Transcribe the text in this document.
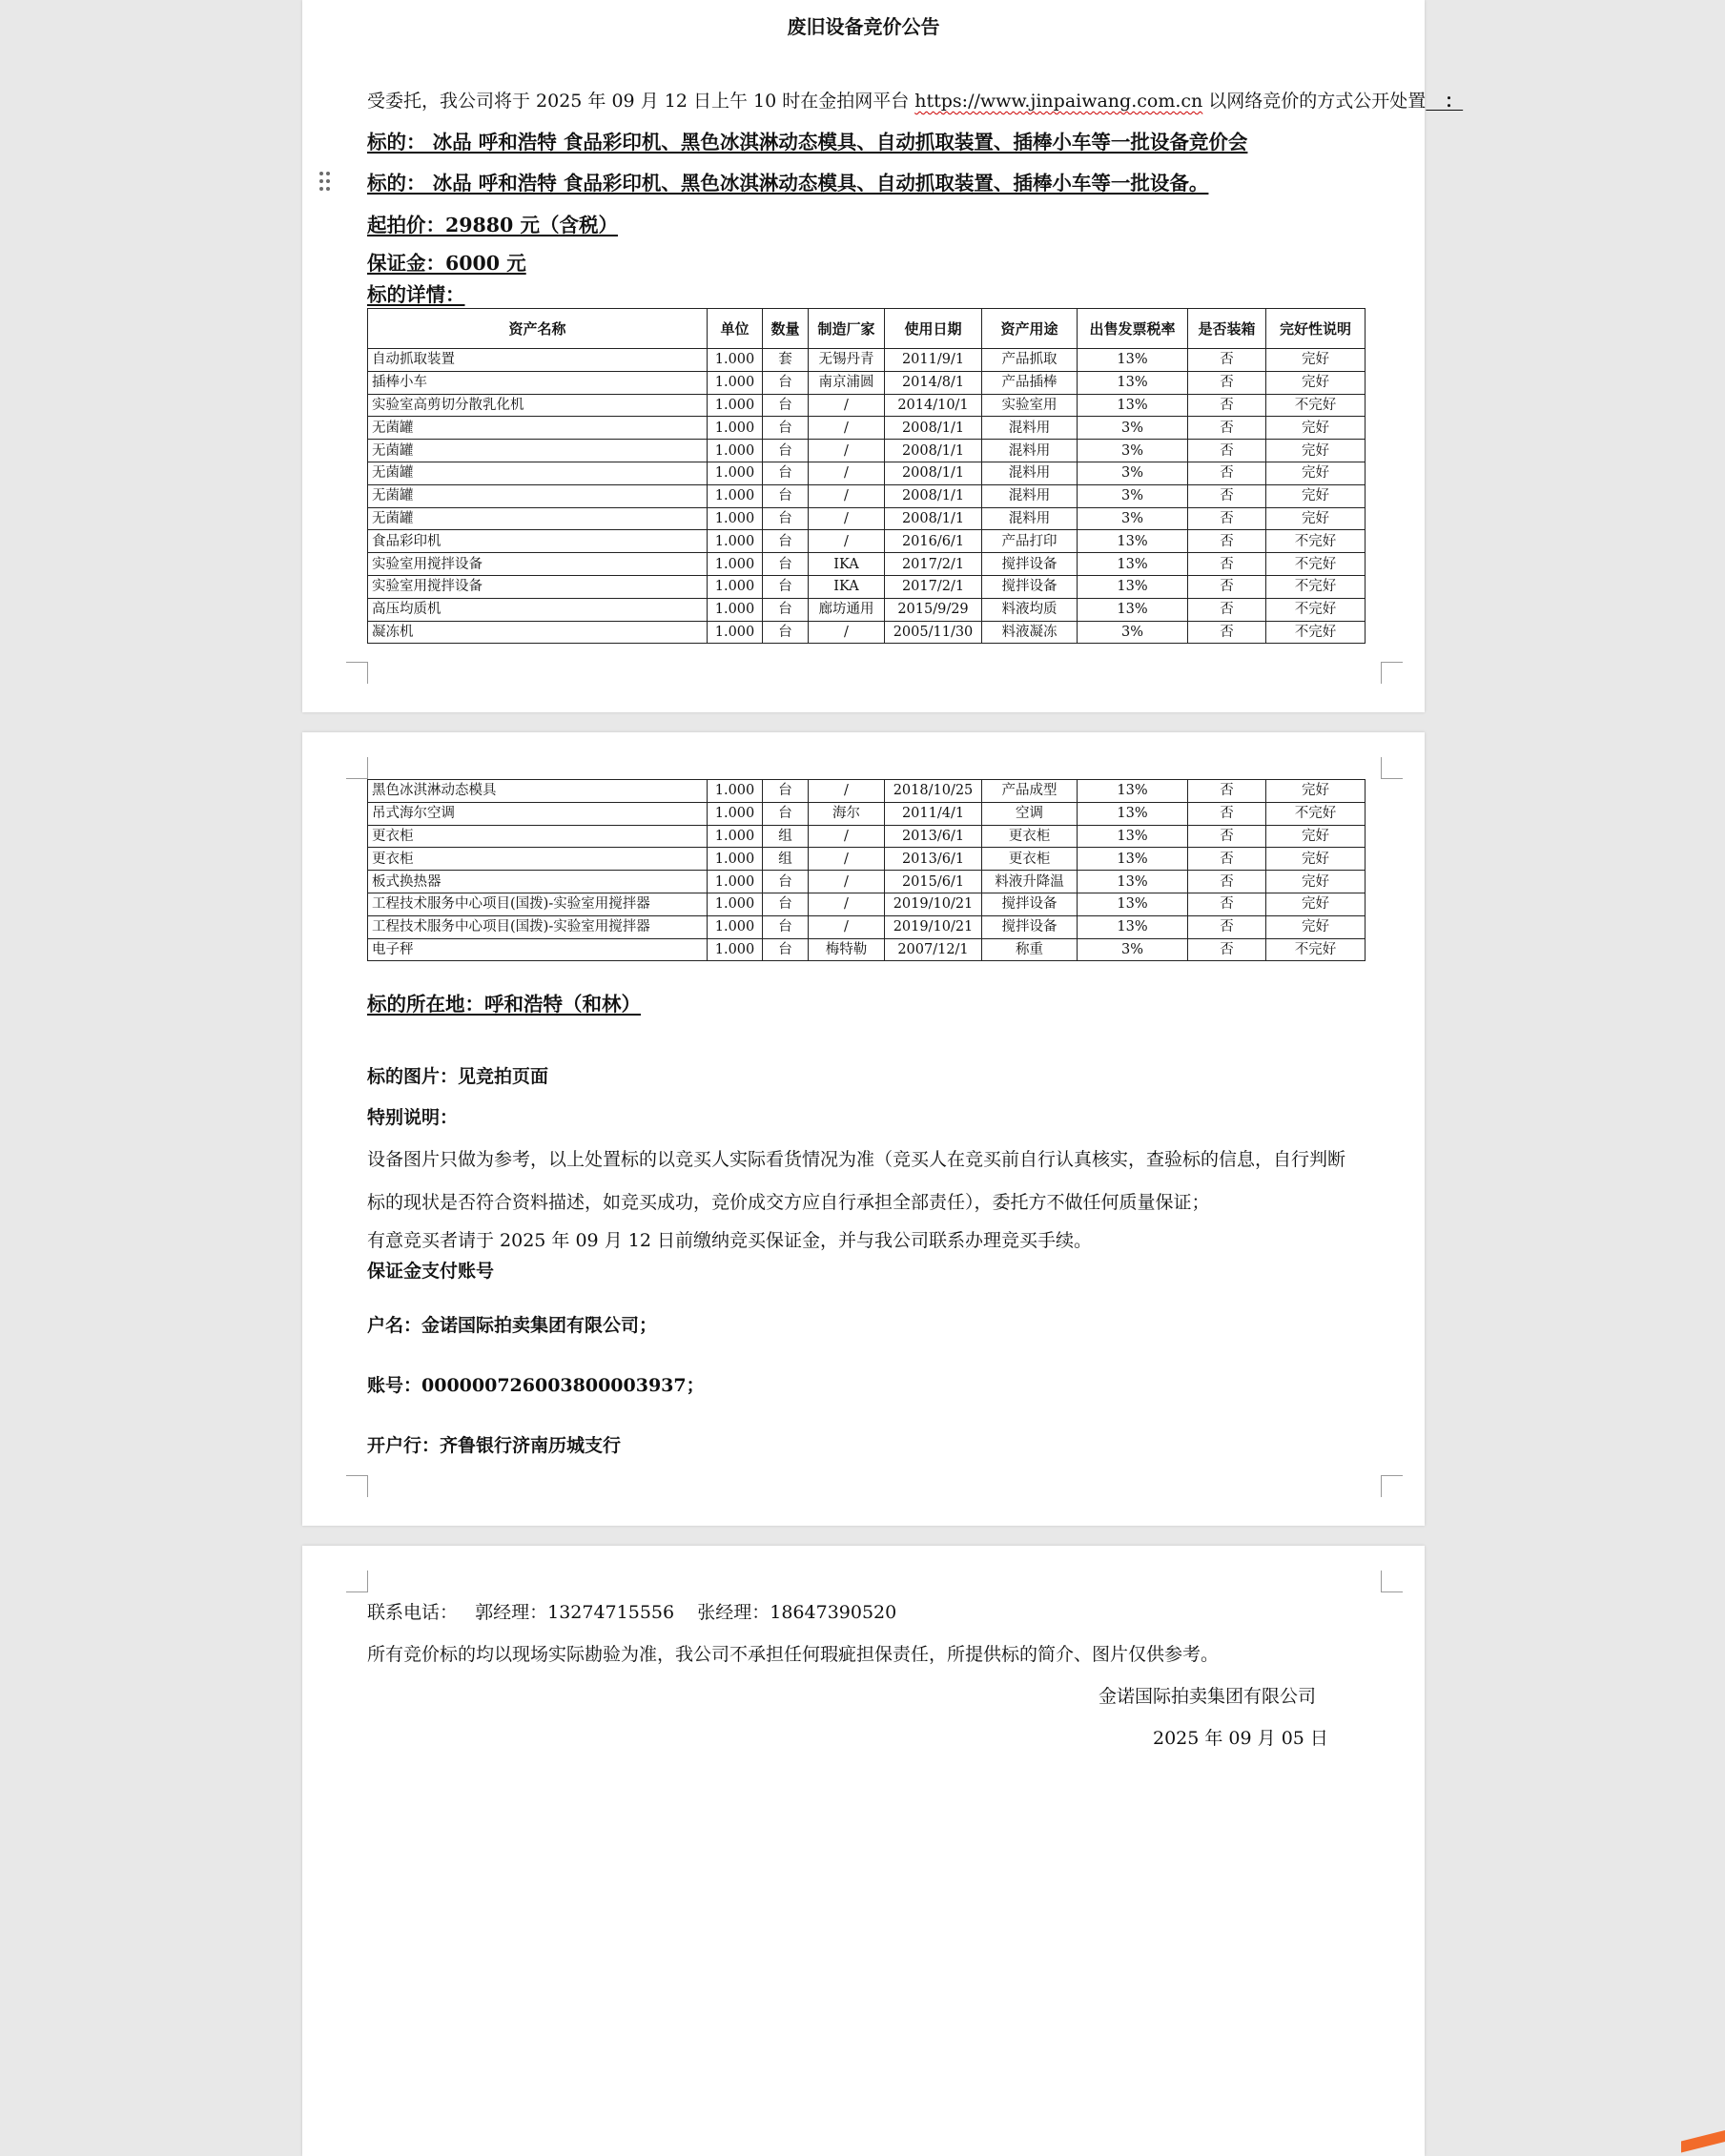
废旧设备竞价公告
受委托，我公司将于 2025 年 09 月 12 日上午 10 时在金拍网平台 https://www.jinpaiwang.com.cn 以网络竞价的方式公开处置   ：
标的： 冰品 呼和浩特 食品彩印机、黑色冰淇淋动态模具、自动抓取装置、插棒小车等一批设备竞价会
标的： 冰品 呼和浩特 食品彩印机、黑色冰淇淋动态模具、自动抓取装置、插棒小车等一批设备。
起拍价：29880 元（含税）
保证金：6000 元
标的详情：
资产名称	单位	数量	制造厂家	使用日期	资产用途	出售发票税率	是否装箱	完好性说明
自动抓取装置	1.000	套	无锡丹青	2011/9/1	产品抓取	13%	否	完好
插棒小车	1.000	台	南京浦圆	2014/8/1	产品插棒	13%	否	完好
实验室高剪切分散乳化机	1.000	台	/	2014/10/1	实验室用	13%	否	不完好
无菌罐	1.000	台	/	2008/1/1	混料用	3%	否	完好
无菌罐	1.000	台	/	2008/1/1	混料用	3%	否	完好
无菌罐	1.000	台	/	2008/1/1	混料用	3%	否	完好
无菌罐	1.000	台	/	2008/1/1	混料用	3%	否	完好
无菌罐	1.000	台	/	2008/1/1	混料用	3%	否	完好
食品彩印机	1.000	台	/	2016/6/1	产品打印	13%	否	不完好
实验室用搅拌设备	1.000	台	IKA	2017/2/1	搅拌设备	13%	否	不完好
实验室用搅拌设备	1.000	台	IKA	2017/2/1	搅拌设备	13%	否	不完好
高压均质机	1.000	台	廊坊通用	2015/9/29	料液均质	13%	否	不完好
凝冻机	1.000	台	/	2005/11/30	料液凝冻	3%	否	不完好
黑色冰淇淋动态模具	1.000	台	/	2018/10/25	产品成型	13%	否	完好
吊式海尔空调	1.000	台	海尔	2011/4/1	空调	13%	否	不完好
更衣柜	1.000	组	/	2013/6/1	更衣柜	13%	否	完好
更衣柜	1.000	组	/	2013/6/1	更衣柜	13%	否	完好
板式换热器	1.000	台	/	2015/6/1	料液升降温	13%	否	完好
工程技术服务中心项目(国拨)-实验室用搅拌器	1.000	台	/	2019/10/21	搅拌设备	13%	否	完好
工程技术服务中心项目(国拨)-实验室用搅拌器	1.000	台	/	2019/10/21	搅拌设备	13%	否	完好
电子秤	1.000	台	梅特勒	2007/12/1	称重	3%	否	不完好
标的所在地：呼和浩特（和林）
标的图片：见竞拍页面
特别说明：
设备图片只做为参考，以上处置标的以竞买人实际看货情况为准（竞买人在竞买前自行认真核实，查验标的信息，自行判断
标的现状是否符合资料描述，如竞买成功，竞价成交方应自行承担全部责任），委托方不做任何质量保证；
有意竞买者请于 2025 年 09 月 12 日前缴纳竞买保证金，并与我公司联系办理竞买手续。
保证金支付账号
户名：金诺国际拍卖集团有限公司；
账号：000000726003800003937；
开户行：齐鲁银行济南历城支行
联系电话：   郭经理：13274715556    张经理：18647390520
所有竞价标的均以现场实际勘验为准，我公司不承担任何瑕疵担保责任，所提供标的简介、图片仅供参考。
金诺国际拍卖集团有限公司
2025 年 09 月 05 日
